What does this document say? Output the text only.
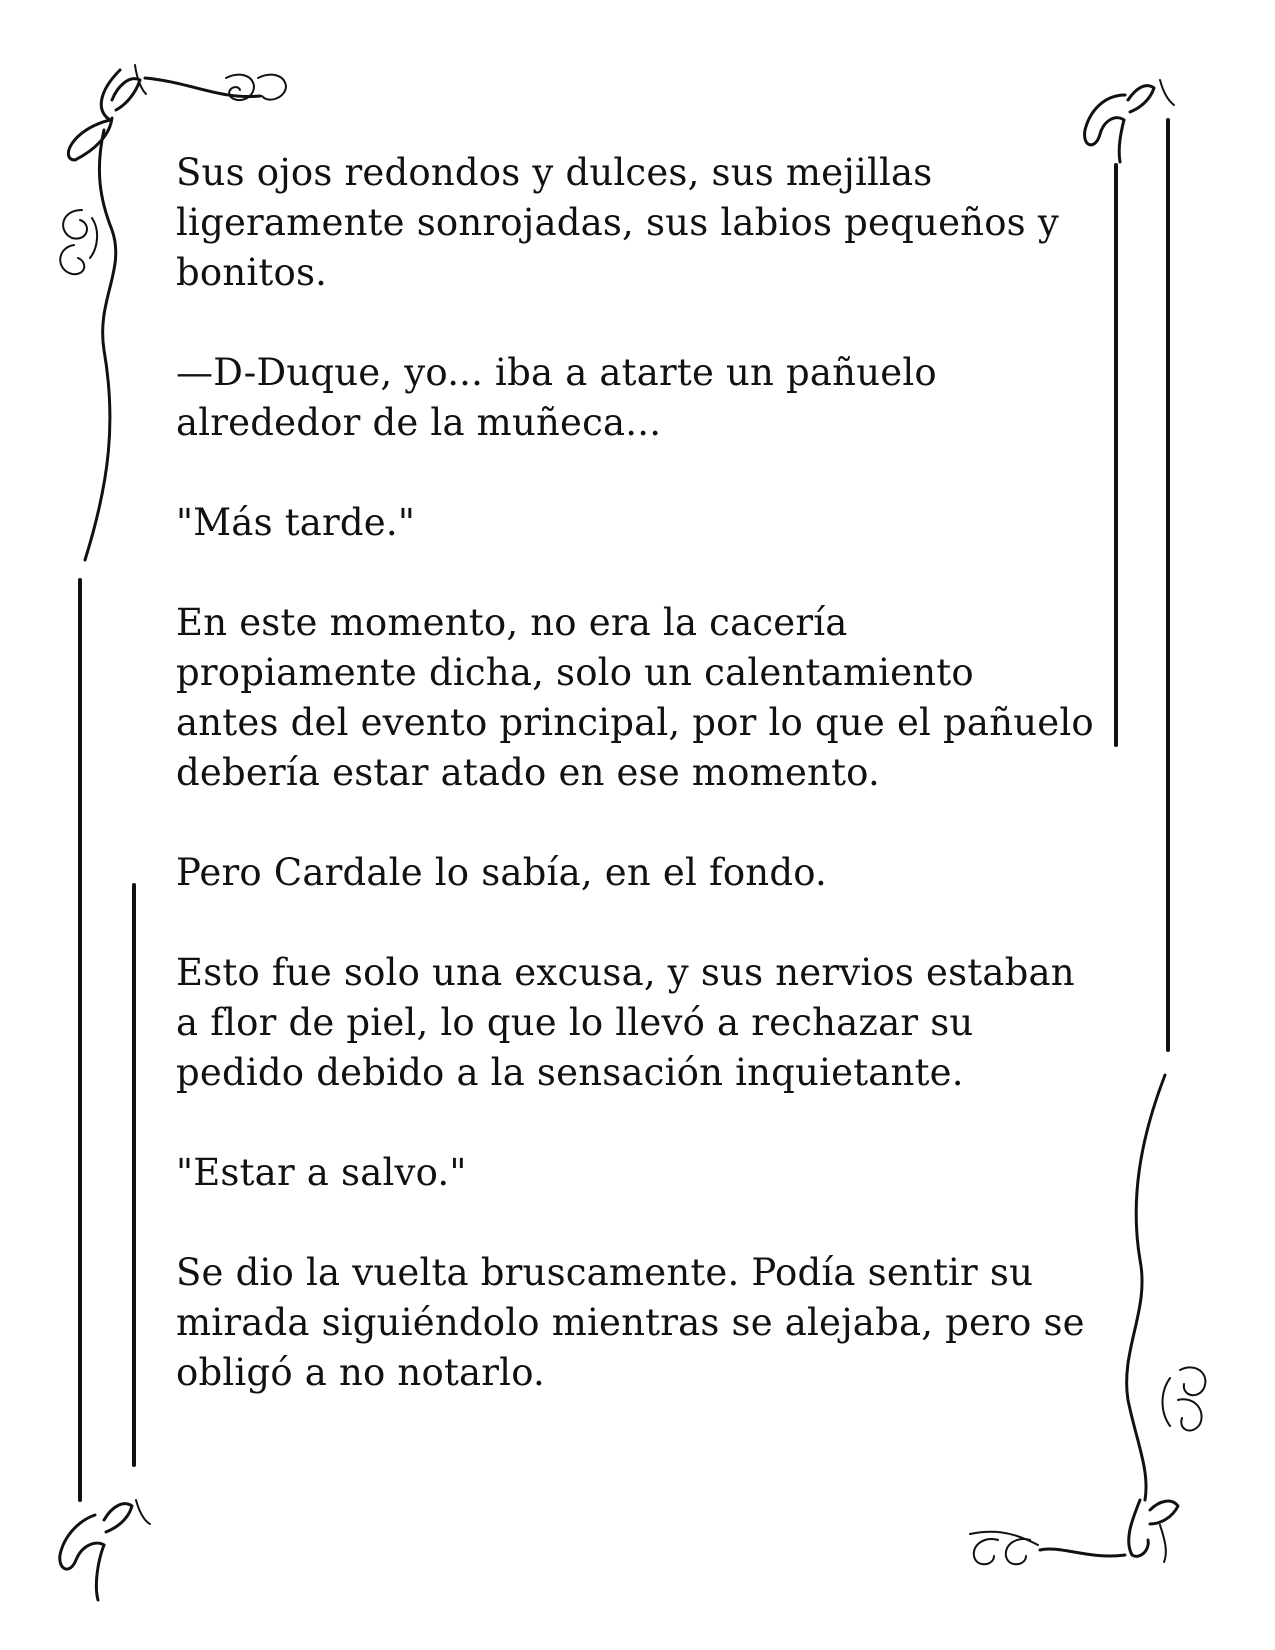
Sus ojos redondos y dulces, sus mejillas
ligeramente sonrojadas, sus labios pequeños y
bonitos.

—D-Duque, yo... iba a atarte un pañuelo
alrededor de la muñeca...

"Más tarde."

En este momento, no era la cacería
propiamente dicha, solo un calentamiento
antes del evento principal, por lo que el pañuelo
debería estar atado en ese momento.

Pero Cardale lo sabía, en el fondo.

Esto fue solo una excusa, y sus nervios estaban
a flor de piel, lo que lo llevó a rechazar su
pedido debido a la sensación inquietante.

"Estar a salvo."

Se dio la vuelta bruscamente. Podía sentir su
mirada siguiéndolo mientras se alejaba, pero se
obligó a no notarlo.
